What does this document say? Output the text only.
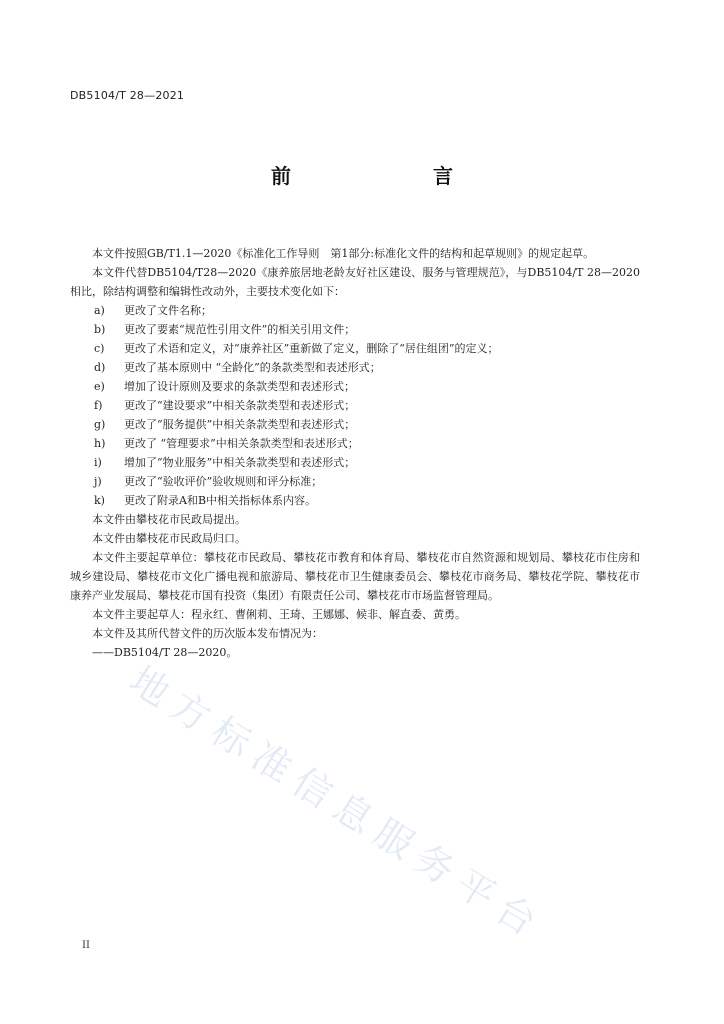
DB5104/T 28—2021
前　　言

本文件按照GB/T1.1—2020《标准化工作导则　第1部分:标准化文件的结构和起草规则》的规定起草。

本文件代替DB5104/T28—2020《康养旅居地老龄友好社区建设、服务与管理规范》，与DB5104/T 28—2020相比，除结构调整和编辑性改动外，主要技术变化如下：

a) 更改了文件名称；

b) 更改了要素“规范性引用文件”的相关引用文件；

c) 更改了术语和定义，对“康养社区”重新做了定义，删除了“居住组团”的定义；

d) 更改了基本原则中 “全龄化”的条款类型和表述形式；

e) 增加了设计原则及要求的条款类型和表述形式；

f) 更改了“建设要求”中相关条款类型和表述形式；

g) 更改了“服务提供”中相关条款类型和表述形式；

h) 更改了 “管理要求”中相关条款类型和表述形式；

i) 增加了“物业服务”中相关条款类型和表述形式；

j) 更改了“验收评价”验收规则和评分标准；

k) 更改了附录A和B中相关指标体系内容。

本文件由攀枝花市民政局提出。

本文件由攀枝花市民政局归口。

本文件主要起草单位：攀枝花市民政局、攀枝花市教育和体育局、攀枝花市自然资源和规划局、攀枝花市住房和城乡建设局、攀枝花市文化广播电视和旅游局、攀枝花市卫生健康委员会、攀枝花市商务局、攀枝花学院、攀枝花市康养产业发展局、攀枝花市国有投资（集团）有限责任公司、攀枝花市市场监督管理局。

本文件主要起草人：程永红、曹俐莉、王琦、王娜娜、候非、解直委、黄勇。

本文件及其所代替文件的历次版本发布情况为：

——DB5104/T 28—2020。

地方标准信息服务平台
II
